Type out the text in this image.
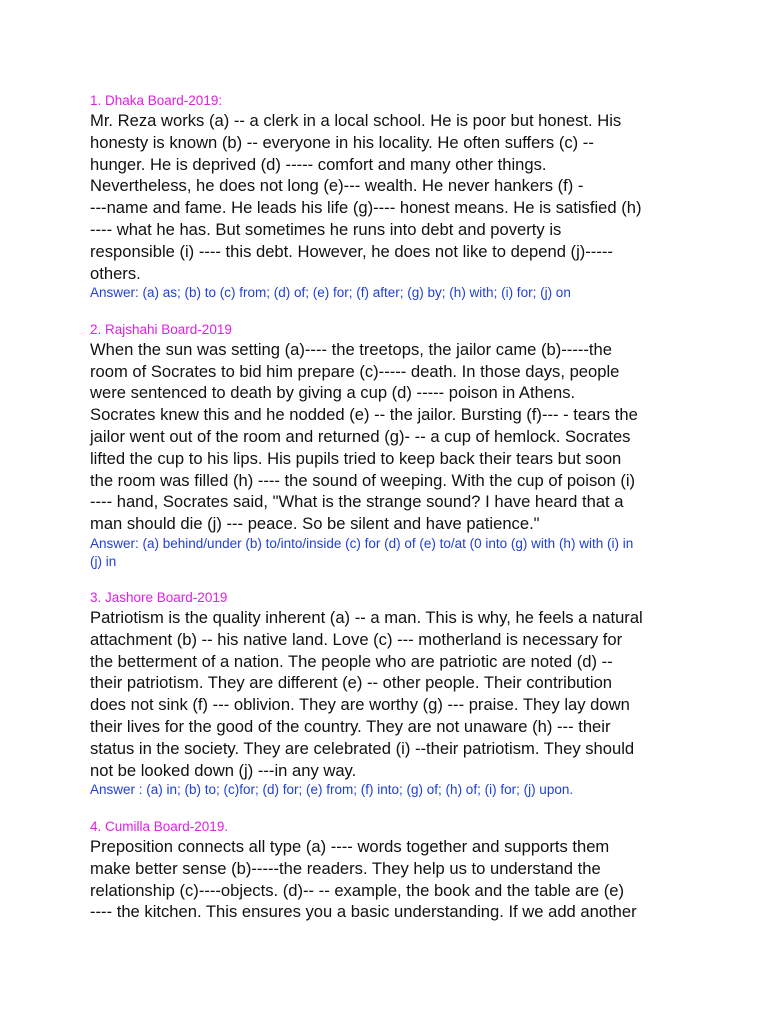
1. Dhaka Board-2019:
Mr. Reza works (a) -- a clerk in a local school. He is poor but honest. His
honesty is known (b) -- everyone in his locality. He often suffers (c) --
hunger. He is deprived (d) ----- comfort and many other things.
Nevertheless, he does not long (e)--- wealth. He never hankers (f) -
---name and fame. He leads his life (g)---- honest means. He is satisfied (h)
---- what he has. But sometimes he runs into debt and poverty is
responsible (i) ---- this debt. However, he does not like to depend (j)-----
others.
Answer: (a) as; (b) to (c) from; (d) of; (e) for; (f) after; (g) by; (h) with; (i) for; (j) on
2. Rajshahi Board-2019
When the sun was setting (a)---- the treetops, the jailor came (b)-----the
room of Socrates to bid him prepare (c)----- death. In those days, people
were sentenced to death by giving a cup (d) ----- poison in Athens.
Socrates knew this and he nodded (e) -- the jailor. Bursting (f)--- - tears the
jailor went out of the room and returned (g)- -- a cup of hemlock. Socrates
lifted the cup to his lips. His pupils tried to keep back their tears but soon
the room was filled (h) ---- the sound of weeping. With the cup of poison (i)
---- hand, Socrates said, "What is the strange sound? I have heard that a
man should die (j) --- peace. So be silent and have patience."
Answer: (a) behind/under (b) to/into/inside (c) for (d) of (e) to/at (0 into (g) with (h) with (i) in
(j) in
3. Jashore Board-2019
Patriotism is the quality inherent (a) -- a man. This is why, he feels a natural
attachment (b) -- his native land. Love (c) --- motherland is necessary for
the betterment of a nation. The people who are patriotic are noted (d) --
their patriotism. They are different (e) -- other people. Their contribution
does not sink (f) --- oblivion. They are worthy (g) --- praise. They lay down
their lives for the good of the country. They are not unaware (h) --- their
status in the society. They are celebrated (i) --their patriotism. They should
not be looked down (j) ---in any way.
Answer : (a) in; (b) to; (c)for; (d) for; (e) from; (f) into; (g) of; (h) of; (i) for; (j) upon.
4. Cumilla Board-2019.
Preposition connects all type (a) ---- words together and supports them
make better sense (b)-----the readers. They help us to understand the
relationship (c)----objects. (d)-- -- example, the book and the table are (e)
---- the kitchen. This ensures you a basic understanding. If we add another
